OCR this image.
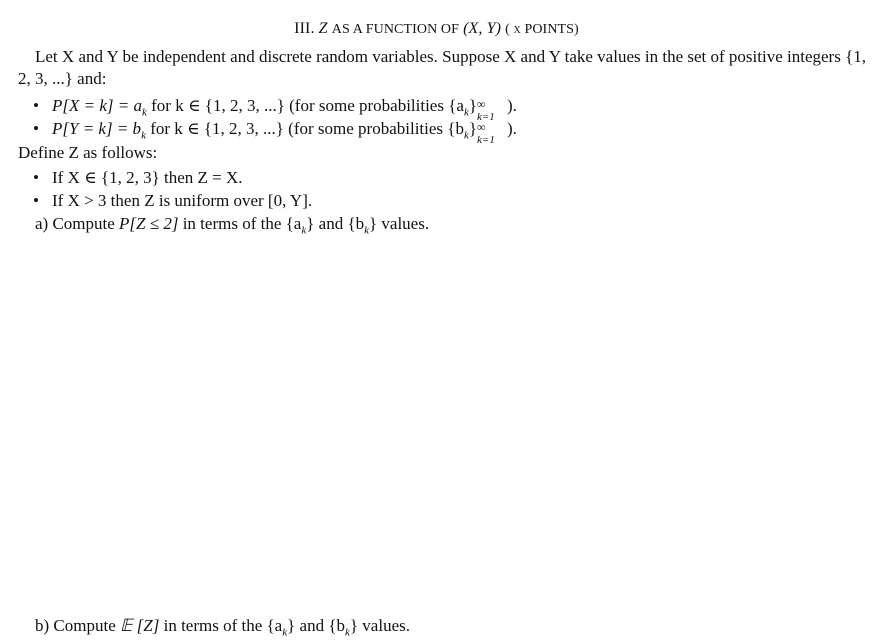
III. Z AS A FUNCTION OF (X, Y) ( x POINTS)
Let X and Y be independent and discrete random variables. Suppose X and Y take values in the set of positive integers {1, 2, 3, ...} and:
• $P[X = k] = a_k$ for k ∈ {1, 2, 3, ...} (for some probabilities $\{a_k\}$ ∞
k=1
).
• $P[Y = k] = b_k$ for k ∈ {1, 2, 3, ...} (for some probabilities $\{b_k\}$ ∞
k=1
).
Define Z as follows:
• If X ∈ {1, 2, 3} then Z = X.
• If X > 3 then Z is uniform over [0, Y].
a) Compute P[Z ≤ 2] in terms of the $\{a_k\}$ and $\{b_k\}$ values.
b) Compute 𝔼 [Z] in terms of the $\{a_k\}$ and $\{b_k\}$ values.
